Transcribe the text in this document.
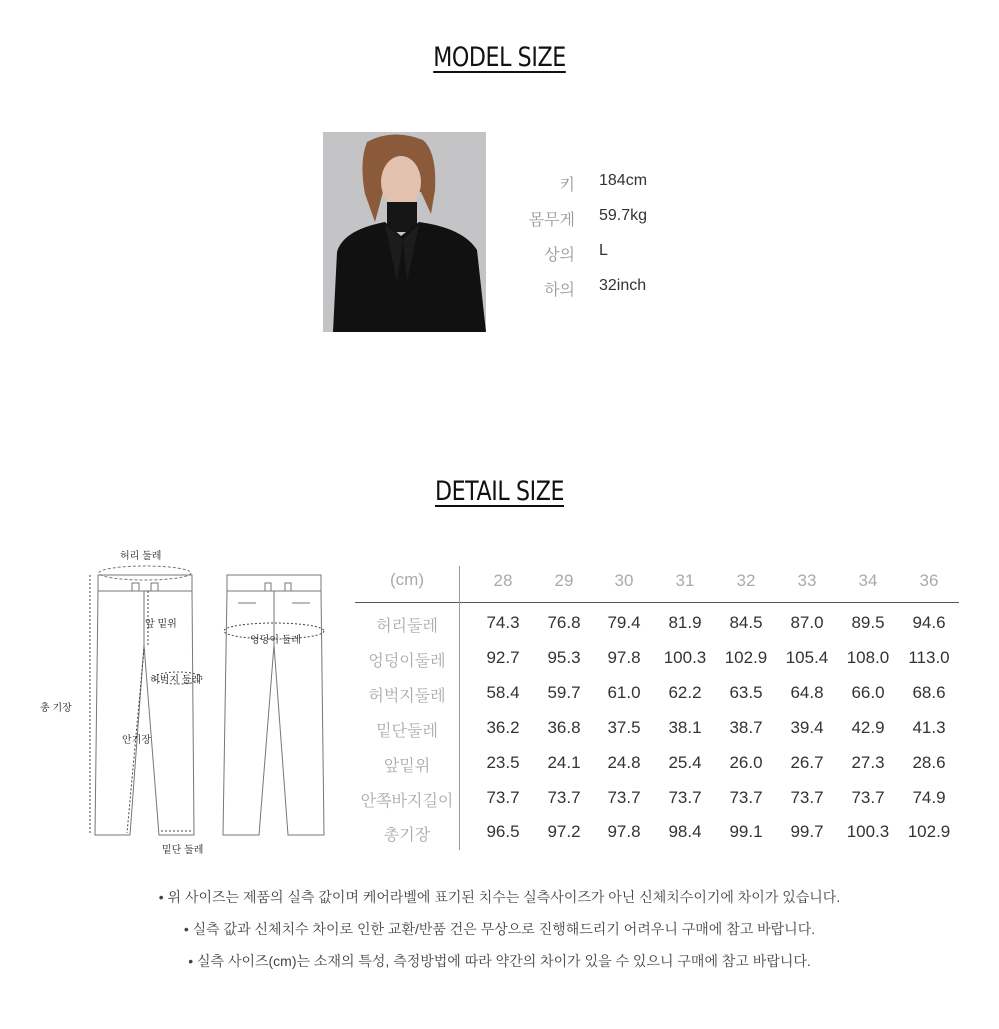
MODEL SIZE
키 184cm
몸무게 59.7kg
상의 L
하의 32inch
DETAIL SIZE
허리 둘레
앞 밑위
허벅지 둘레
안기장
총 기장
밑단 둘레
엉덩이 둘레
(cm)	28	29	30	31	32	33	34	36
허리둘레	74.3	76.8	79.4	81.9	84.5	87.0	89.5	94.6
엉덩이둘레	92.7	95.3	97.8	100.3	102.9	105.4	108.0	113.0
허벅지둘레	58.4	59.7	61.0	62.2	63.5	64.8	66.0	68.6
밑단둘레	36.2	36.8	37.5	38.1	38.7	39.4	42.9	41.3
앞밑위	23.5	24.1	24.8	25.4	26.0	26.7	27.3	28.6
안쪽바지길이	73.7	73.7	73.7	73.7	73.7	73.7	73.7	74.9
총기장	96.5	97.2	97.8	98.4	99.1	99.7	100.3	102.9
• 위 사이즈는 제품의 실측 값이며 케어라벨에 표기된 치수는 실측사이즈가 아닌 신체치수이기에 차이가 있습니다.
• 실측 값과 신체치수 차이로 인한 교환/반품 건은 무상으로 진행해드리기 어려우니 구매에 참고 바랍니다.
• 실측 사이즈(cm)는 소재의 특성, 측정방법에 따라 약간의 차이가 있을 수 있으니 구매에 참고 바랍니다.
